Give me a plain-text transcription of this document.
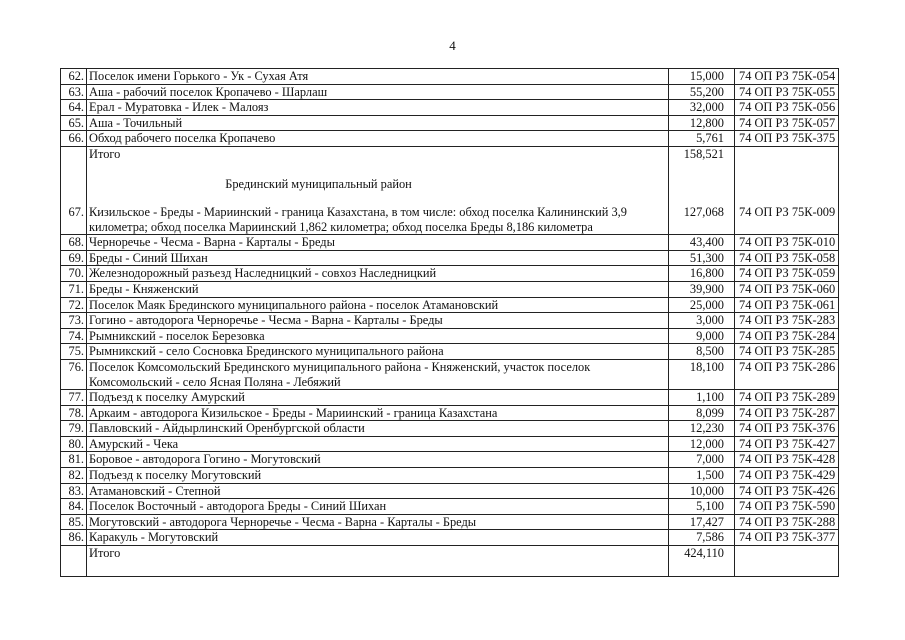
4
62.	Поселок имени Горького - Ук - Сухая Атя	15,000	74 ОП РЗ 75К-054
63.	Аша - рабочий поселок Кропачево - Шарлаш	55,200	74 ОП РЗ 75К-055
64.	Ерал - Муратовка - Илек - Малояз	32,000	74 ОП РЗ 75К-056
65.	Аша - Точильный	12,800	74 ОП РЗ 75К-057
66.	Обход рабочего поселка Кропачево	5,761	74 ОП РЗ 75К-375

	Итого	158,521	
	Брединский муниципальный район		

67.	Кизильское - Бреды - Мариинский - граница Казахстана, в том числе: обход поселка Калининский 3,9 километра; обход поселка Мариинский 1,862 километра; обход поселка Бреды 8,186 километра	127,068	74 ОП РЗ 75К-009
68.	Черноречье - Чесма - Варна - Карталы - Бреды	43,400	74 ОП РЗ 75К-010
69.	Бреды - Синий Шихан	51,300	74 ОП РЗ 75К-058
70.	Железнодорожный разъезд Наследницкий - совхоз Наследницкий	16,800	74 ОП РЗ 75К-059
71.	Бреды - Княженский	39,900	74 ОП РЗ 75К-060
72.	Поселок Маяк Брединского муниципального района - поселок Атамановский	25,000	74 ОП РЗ 75К-061
73.	Гогино - автодорога Черноречье - Чесма - Варна - Карталы - Бреды	3,000	74 ОП РЗ 75К-283
74.	Рымникский - поселок Березовка	9,000	74 ОП РЗ 75К-284
75.	Рымникский - село Сосновка Брединского муниципального района	8,500	74 ОП РЗ 75К-285
76.	Поселок Комсомольский Брединского муниципального района - Княженский, участок поселок Комсомольский - село Ясная Поляна - Лебяжий	18,100	74 ОП РЗ 75К-286
77.	Подъезд к поселку Амурский	1,100	74 ОП РЗ 75К-289
78.	Аркаим - автодорога Кизильское - Бреды - Мариинский - граница Казахстана	8,099	74 ОП РЗ 75К-287
79.	Павловский - Айдырлинский Оренбургской области	12,230	74 ОП РЗ 75К-376
80.	Амурский - Чека	12,000	74 ОП РЗ 75К-427
81.	Боровое - автодорога Гогино - Могутовский	7,000	74 ОП РЗ 75К-428
82.	Подъезд к поселку Могутовский	1,500	74 ОП РЗ 75К-429
83.	Атамановский - Степной	10,000	74 ОП РЗ 75К-426
84.	Поселок Восточный - автодорога Бреды - Синий Шихан	5,100	74 ОП РЗ 75К-590
85.	Могутовский - автодорога Черноречье - Чесма - Варна - Карталы - Бреды	17,427	74 ОП РЗ 75К-288
86.	Каракуль - Могутовский	7,586	74 ОП РЗ 75К-377

	Итого	424,110	
